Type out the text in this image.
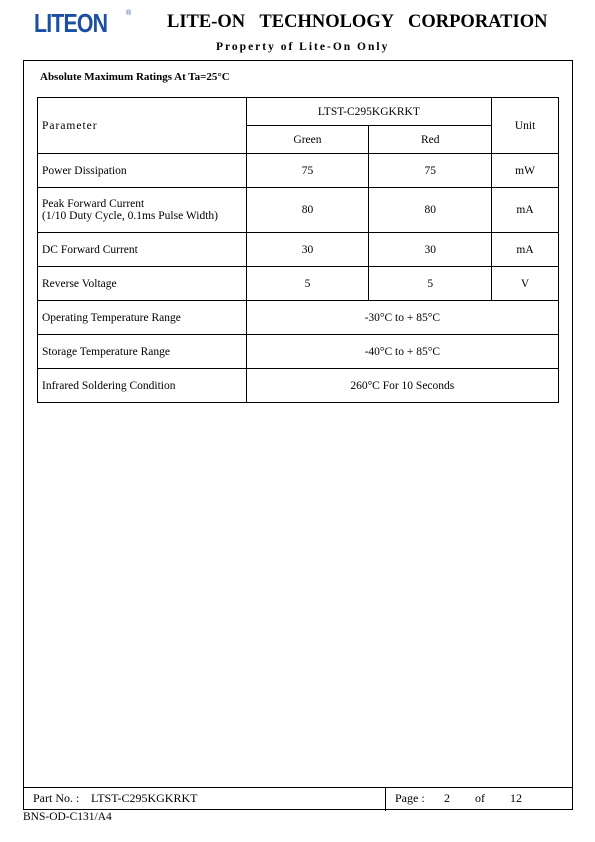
LITEON	® LITE-ON TECHNOLOGY CORPORATION
Property of Lite-On Only
Absolute Maximum Ratings At Ta=25°C
Parameter	LTST-C295KGKRKT		Unit
	Green	Red	
Power Dissipation	75	75	mW

Peak Forward Current
(1/10 Duty Cycle, 0.1ms Pulse Width)	80	80	mA
DC Forward Current	30	30	mA
Reverse Voltage	5	5	V
Operating Temperature Range	-30°C to + 85°C		
Storage Temperature Range	-40°C to + 85°C		
Infrared Soldering Condition	260°C For 10 Seconds		
Part No. : LTST-C295KGKRKT	Page : 2 of 12
BNS-OD-C131/A4
